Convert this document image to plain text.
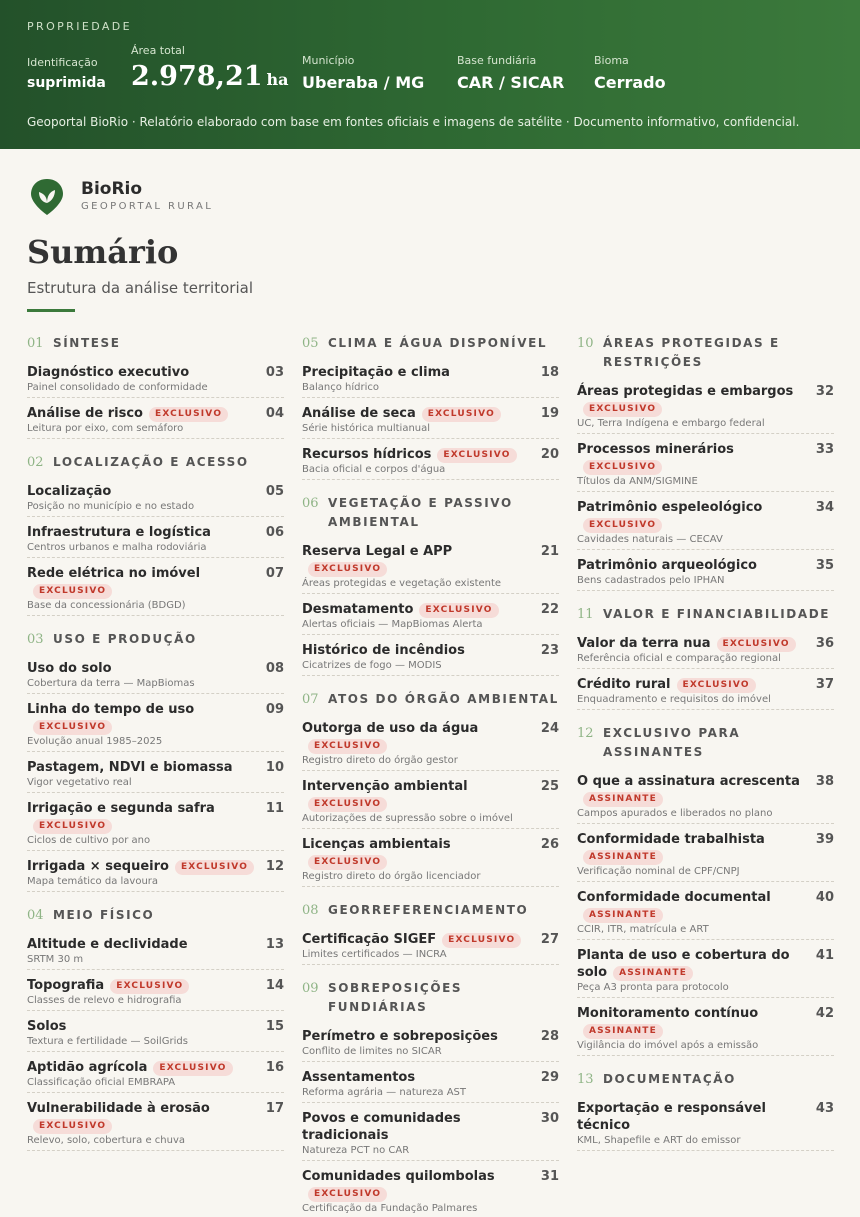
PROPRIEDADE
Identificação
suprimida
Área total
2.978,21 ha
Município
Uberaba / MG
Base fundiária
CAR / SICAR
Bioma
Cerrado
Geoportal BioRio · Relatório elaborado com base em fontes oficiais e imagens de satélite · Documento informativo, confidencial.
BioRio
GEOPORTAL RURAL
Sumário
Estrutura da análise territorial
01 SÍNTESE
Diagnóstico executivo
Painel consolidado de conformidade
03
Análise de risco EXCLUSIVO
Leitura por eixo, com semáforo
04
02 LOCALIZAÇÃO E ACESSO
Localização
Posição no município e no estado
05
Infraestrutura e logística
Centros urbanos e malha rodoviária
06
Rede elétrica no imóvelEXCLUSIVO
Base da concessionária (BDGD)
07
03 USO E PRODUÇÃO
Uso do solo
Cobertura da terra — MapBiomas
08
Linha do tempo de usoEXCLUSIVO
Evolução anual 1985–2025
09
Pastagem, NDVI e biomassa
Vigor vegetativo real
10
Irrigação e segunda safraEXCLUSIVO
Ciclos de cultivo por ano
11
Irrigada × sequeiro EXCLUSIVO
Mapa temático da lavoura
12
04 MEIO FÍSICO
Altitude e declividade
SRTM 30 m
13
Topografia EXCLUSIVO
Classes de relevo e hidrografia
14
Solos
Textura e fertilidade — SoilGrids
15
Aptidão agrícola EXCLUSIVO
Classificação oficial EMBRAPA
16
Vulnerabilidade à erosãoEXCLUSIVO
Relevo, solo, cobertura e chuva
17
05 CLIMA E ÁGUA DISPONÍVEL
Precipitação e clima
Balanço hídrico
18
Análise de seca EXCLUSIVO
Série histórica multianual
19
Recursos hídricos EXCLUSIVO
Bacia oficial e corpos d'água
20
06 VEGETAÇÃO E PASSIVO AMBIENTAL
Reserva Legal e APPEXCLUSIVO
Áreas protegidas e vegetação existente
21
Desmatamento EXCLUSIVO
Alertas oficiais — MapBiomas Alerta
22
Histórico de incêndios
Cicatrizes de fogo — MODIS
23
07 ATOS DO ÓRGÃO AMBIENTAL
Outorga de uso da águaEXCLUSIVO
Registro direto do órgão gestor
24
Intervenção ambientalEXCLUSIVO
Autorizações de supressão sobre o imóvel
25
Licenças ambientaisEXCLUSIVO
Registro direto do órgão licenciador
26
08 GEORREFERENCIAMENTO
Certificação SIGEF EXCLUSIVO
Limites certificados — INCRA
27
09 SOBREPOSIÇÕES FUNDIÁRIAS
Perímetro e sobreposições
Conflito de limites no SICAR
28
Assentamentos
Reforma agrária — natureza AST
29
Povos e comunidades tradicionais
Natureza PCT no CAR
30
Comunidades quilombolasEXCLUSIVO
Certificação da Fundação Palmares
31
10 ÁREAS PROTEGIDAS E RESTRIÇÕES
Áreas protegidas e embargosEXCLUSIVO
UC, Terra Indígena e embargo federal
32
Processos mineráriosEXCLUSIVO
Títulos da ANM/SIGMINE
33
Patrimônio espeleológicoEXCLUSIVO
Cavidades naturais — CECAV
34
Patrimônio arqueológico
Bens cadastrados pelo IPHAN
35
11 VALOR E FINANCIABILIDADE
Valor da terra nua EXCLUSIVO
Referência oficial e comparação regional
36
Crédito rural EXCLUSIVO
Enquadramento e requisitos do imóvel
37
12 EXCLUSIVO PARA ASSINANTES
O que a assinatura acrescentaASSINANTE
Campos apurados e liberados no plano
38
Conformidade trabalhistaASSINANTE
Verificação nominal de CPF/CNPJ
39
Conformidade documentalASSINANTE
CCIR, ITR, matrícula e ART
40
Planta de uso e cobertura do solo ASSINANTE
Peça A3 pronta para protocolo
41
Monitoramento contínuoASSINANTE
Vigilância do imóvel após a emissão
42
13 DOCUMENTAÇÃO
Exportação e responsável técnico
KML, Shapefile e ART do emissor
43
